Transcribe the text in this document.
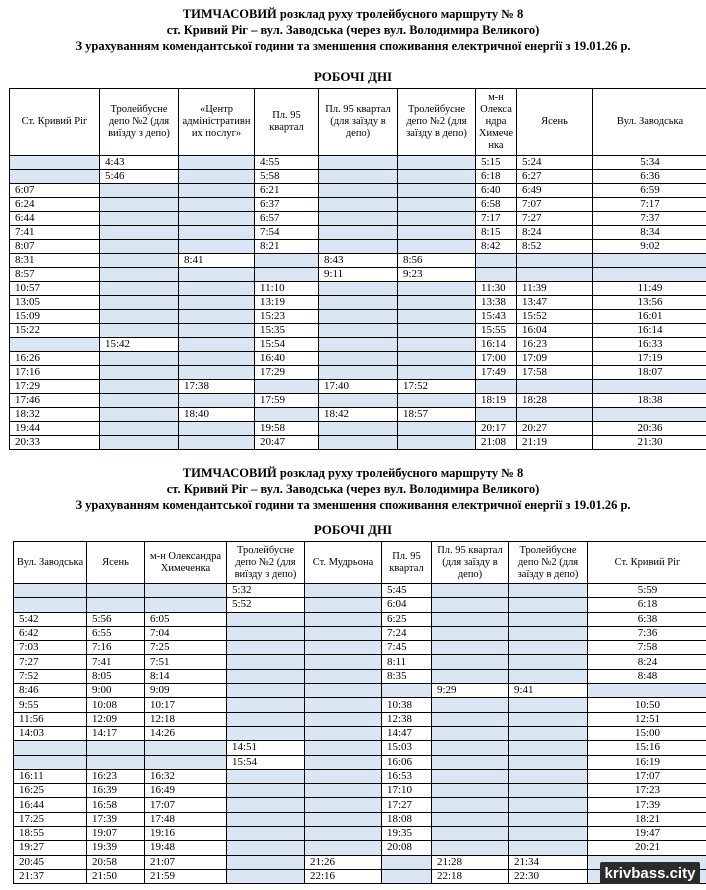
ТИМЧАСОВИЙ розклад руху тролейбусного маршруту № 8
ст. Кривий Ріг – вул. Заводська (через вул. Володимира Великого)
З урахуванням комендантської години та зменшення споживання електричної енергії з 19.01.26 р.
РОБОЧІ ДНІ
Ст. Кривий Ріг	Тролейбусне депо №2 (для виїзду з депо)	«Центр адміністративн их послуг»	Пл. 95 квартал	Пл. 95 квартал (для заїзду в депо)	Тролейбусне депо №2 (для заїзду в депо)	м-н Олекса ндра Химечe нка	Ясень	Вул. Заводська
	4:43		4:55			5:15	5:24	5:34
	5:46		5:58			6:18	6:27	6:36
6:07			6:21			6:40	6:49	6:59
6:24			6:37			6:58	7:07	7:17
6:44			6:57			7:17	7:27	7:37
7:41			7:54			8:15	8:24	8:34
8:07			8:21			8:42	8:52	9:02
8:31		8:41		8:43	8:56			
8:57				9:11	9:23			
10:57			11:10			11:30	11:39	11:49
13:05			13:19			13:38	13:47	13:56
15:09			15:23			15:43	15:52	16:01
15:22			15:35			15:55	16:04	16:14
	15:42		15:54			16:14	16:23	16:33
16:26			16:40			17:00	17:09	17:19
17:16			17:29			17:49	17:58	18:07
17:29		17:38		17:40	17:52			
17:46			17:59			18:19	18:28	18:38
18:32		18:40		18:42	18:57			
19:44			19:58			20:17	20:27	20:36
20:33			20:47			21:08	21:19	21:30
ТИМЧАСОВИЙ розклад руху тролейбусного маршруту № 8
ст. Кривий Ріг – вул. Заводська (через вул. Володимира Великого)
З урахуванням комендантської години та зменшення споживання електричної енергії з 19.01.26 р.
РОБОЧІ ДНІ
Вул. Заводська	Ясень	м-н Олександра Химеченка	Тролейбусне депо №2 (для виїзду з депо)	Ст. Мудрьона	Пл. 95 квартал	Пл. 95 квартал (для заїзду в депо)	Тролейбусне депо №2 (для заїзду в депо)	Ст. Кривий Ріг
			5:32		5:45			5:59
			5:52		6:04			6:18
5:42	5:56	6:05			6:25			6:38
6:42	6:55	7:04			7:24			7:36
7:03	7:16	7:25			7:45			7:58
7:27	7:41	7:51			8:11			8:24
7:52	8:05	8:14			8:35			8:48
8:46	9:00	9:09				9:29	9:41	
9:55	10:08	10:17			10:38			10:50
11:56	12:09	12:18			12:38			12:51
14:03	14:17	14:26			14:47			15:00
			14:51		15:03			15:16
			15:54		16:06			16:19
16:11	16:23	16:32			16:53			17:07
16:25	16:39	16:49			17:10			17:23
16:44	16:58	17:07			17:27			17:39
17:25	17:39	17:48			18:08			18:21
18:55	19:07	19:16			19:35			19:47
19:27	19:39	19:48			20:08			20:21
20:45	20:58	21:07		21:26		21:28	21:34	
21:37	21:50	21:59		22:16		22:18	22:30		krivbass.city
